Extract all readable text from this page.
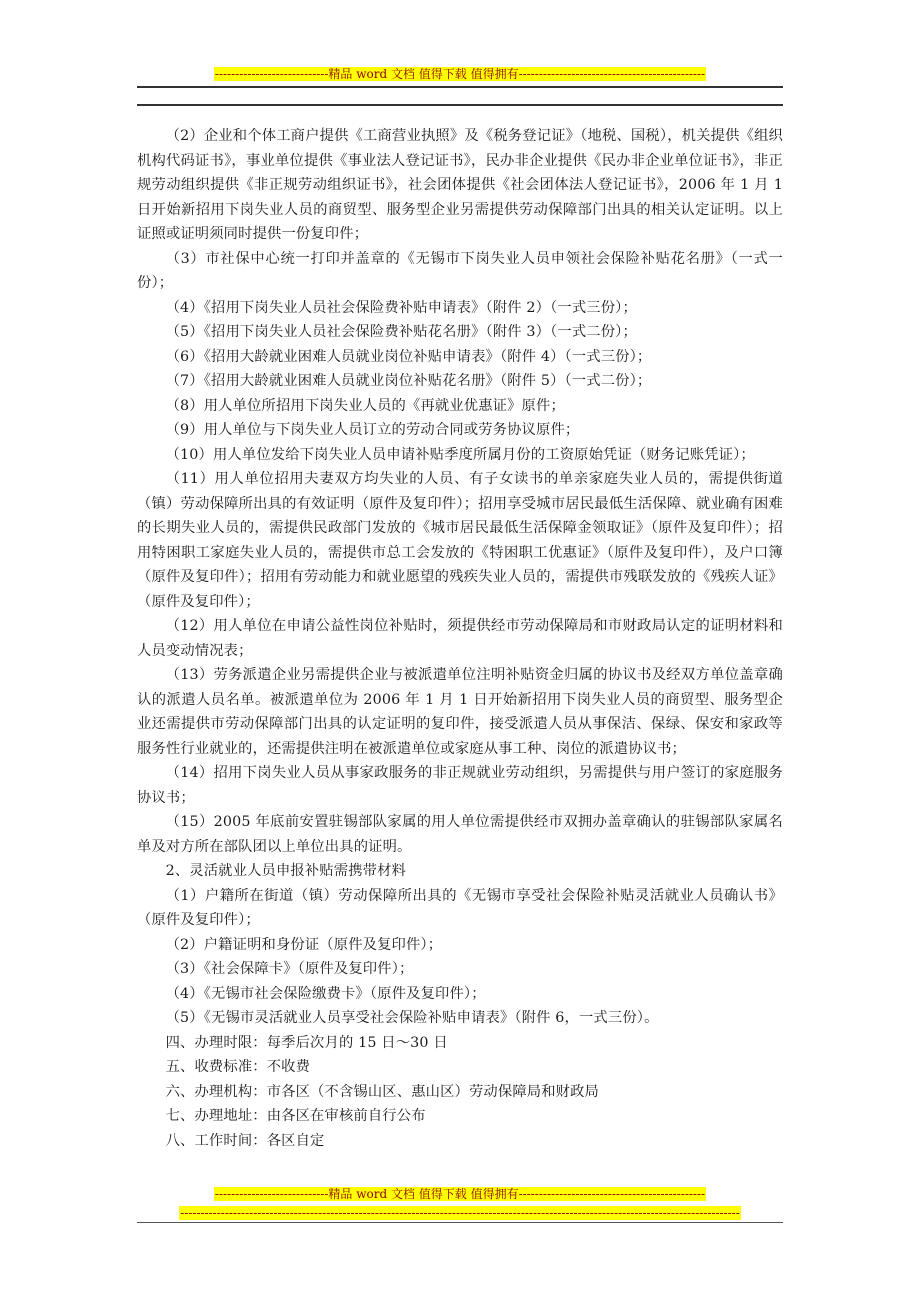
----------------------------精品 word 文档 值得下载 值得拥有----------------------------------------------

（2）企业和个体工商户提供《工商营业执照》及《税务登记证》（地税、国税），机关提供《组织机构代码证书》，事业单位提供《事业法人登记证书》，民办非企业提供《民办非企业单位证书》，非正规劳动组织提供《非正规劳动组织证书》，社会团体提供《社会团体法人登记证书》，2006 年 1 月 1 日开始新招用下岗失业人员的商贸型、服务型企业另需提供劳动保障部门出具的相关认定证明。以上证照或证明须同时提供一份复印件；

（3）市社保中心统一打印并盖章的《无锡市下岗失业人员申领社会保险补贴花名册》（一式一份）；

（4）《招用下岗失业人员社会保险费补贴申请表》（附件 2）（一式三份）；

（5）《招用下岗失业人员社会保险费补贴花名册》（附件 3）（一式二份）；

（6）《招用大龄就业困难人员就业岗位补贴申请表》（附件 4）（一式三份）；

（7）《招用大龄就业困难人员就业岗位补贴花名册》（附件 5）（一式二份）；

（8）用人单位所招用下岗失业人员的《再就业优惠证》原件；

（9）用人单位与下岗失业人员订立的劳动合同或劳务协议原件；

（10）用人单位发给下岗失业人员申请补贴季度所属月份的工资原始凭证（财务记账凭证）；

（11）用人单位招用夫妻双方均失业的人员、有子女读书的单亲家庭失业人员的，需提供街道（镇）劳动保障所出具的有效证明（原件及复印件）；招用享受城市居民最低生活保障、就业确有困难的长期失业人员的，需提供民政部门发放的《城市居民最低生活保障金领取证》（原件及复印件）；招用特困职工家庭失业人员的，需提供市总工会发放的《特困职工优惠证》（原件及复印件），及户口簿（原件及复印件）；招用有劳动能力和就业愿望的残疾失业人员的，需提供市残联发放的《残疾人证》（原件及复印件）；

（12）用人单位在申请公益性岗位补贴时，须提供经市劳动保障局和市财政局认定的证明材料和人员变动情况表；

（13）劳务派遣企业另需提供企业与被派遣单位注明补贴资金归属的协议书及经双方单位盖章确认的派遣人员名单。被派遣单位为 2006 年 1 月 1 日开始新招用下岗失业人员的商贸型、服务型企业还需提供市劳动保障部门出具的认定证明的复印件，接受派遣人员从事保洁、保绿、保安和家政等服务性行业就业的，还需提供注明在被派遣单位或家庭从事工种、岗位的派遣协议书；

（14）招用下岗失业人员从事家政服务的非正规就业劳动组织，另需提供与用户签订的家庭服务协议书；

（15）2005 年底前安置驻锡部队家属的用人单位需提供经市双拥办盖章确认的驻锡部队家属名单及对方所在部队团以上单位出具的证明。

2、灵活就业人员申报补贴需携带材料

（1）户籍所在街道（镇）劳动保障所出具的《无锡市享受社会保险补贴灵活就业人员确认书》（原件及复印件）；

（2）户籍证明和身份证（原件及复印件）；

（3）《社会保障卡》（原件及复印件）；

（4）《无锡市社会保险缴费卡》（原件及复印件）；

（5）《无锡市灵活就业人员享受社会保险补贴申请表》（附件 6，一式三份）。

四、办理时限：每季后次月的 15 日～30 日

五、收费标准：不收费

六、办理机构：市各区（不含锡山区、惠山区）劳动保障局和财政局

七、办理地址：由各区在审核前自行公布

八、工作时间：各区自定

----------------------------精品 word 文档 值得下载 值得拥有----------------------------------------------
------------------------------------------------------------------------------------------------------------------------------------------
